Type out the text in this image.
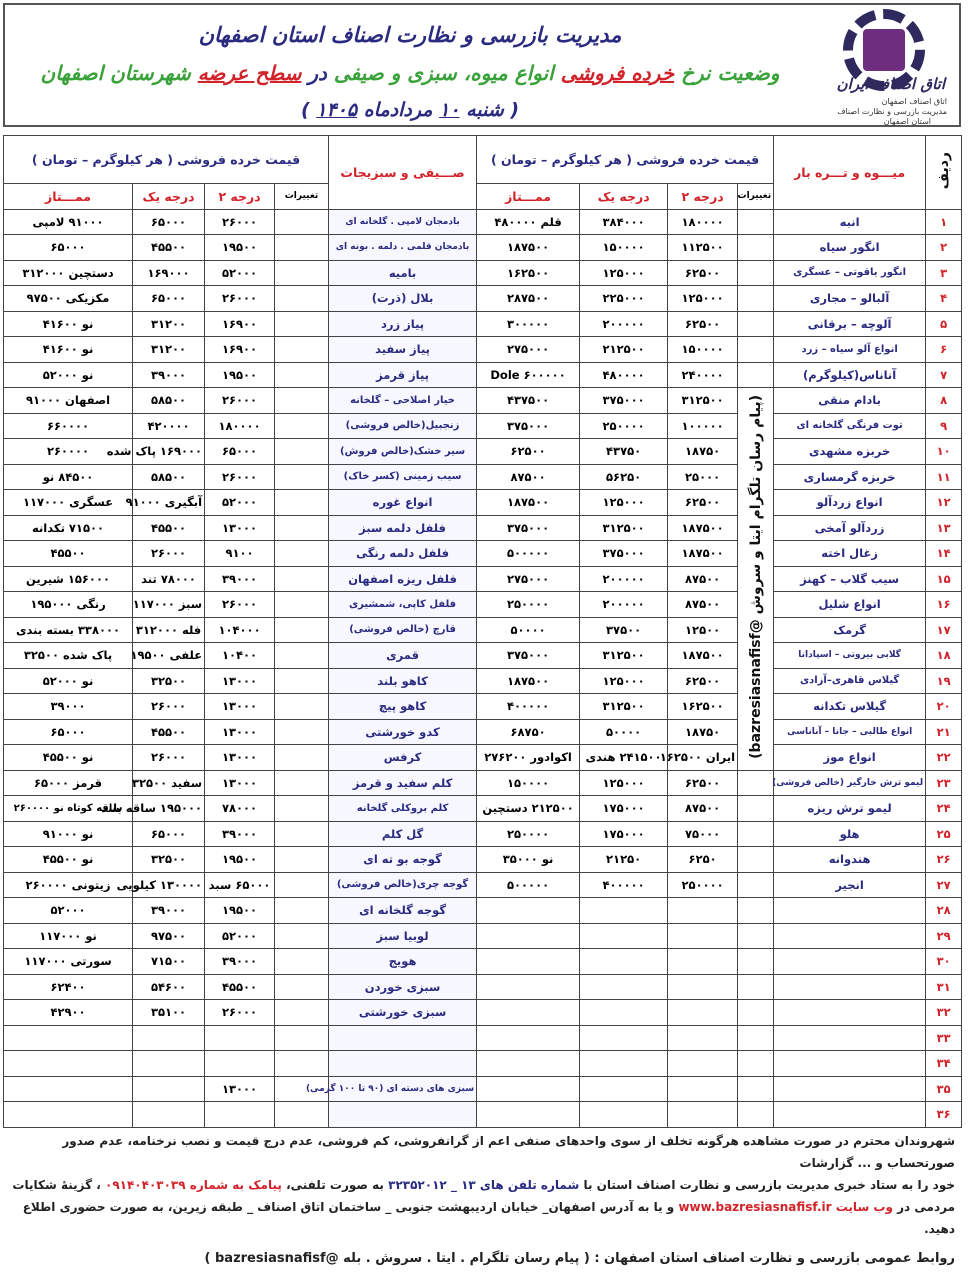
اتاق اصناف ایران
اتاق اصناف اصفهان
مدیریت بازرسی و نظارت اصناف
استان اصفهان
مدیریت بازرسی و نظارت اصناف استان اصفهان
وضعیت نرخ خرده فروشی انواع میوه، سبزی و صیفی در سطح عرضه شهرستان اصفهان
( شنبه ۱۰ مردادماه ۱۴۰۵ )
ردیف	میـــوه و تـــره بار	قیمت خرده فروشی ( هر کیلوگرم – تومان )				صـــیفی و سبزیجات	قیمت خرده فروشی ( هر کیلوگرم – تومان )			
		تغییرات	درجه ۲	درجه یک	ممـــتاز		تغییرات	درجه ۲	درجه یک	ممـــتاز
۱	انبه		۱۸۰۰۰۰	۳۸۴۰۰۰	قلم ۴۸۰۰۰۰	بادمجان لامپی . گلخانه ای		۲۶۰۰۰	۶۵۰۰۰	۹۱۰۰۰ لامپی
۲	انگور سیاه		۱۱۲۵۰۰	۱۵۰۰۰۰	۱۸۷۵۰۰	بادمجان قلمی . دلمه . بونه ای		۱۹۵۰۰	۴۵۵۰۰	۶۵۰۰۰
۳	انگور یاقوتی – عسگری		۶۲۵۰۰	۱۲۵۰۰۰	۱۶۲۵۰۰	بامیه		۵۲۰۰۰	۱۶۹۰۰۰	دستچین ۳۱۲۰۰۰
۴	آلبالو – مجاری		۱۲۵۰۰۰	۲۲۵۰۰۰	۲۸۷۵۰۰	بلال (ذرت)		۲۶۰۰۰	۶۵۰۰۰	مکزیکی ۹۷۵۰۰
۵	آلوچه – برقانی		۶۲۵۰۰	۲۰۰۰۰۰	۳۰۰۰۰۰	پیاز زرد		۱۶۹۰۰	۳۱۲۰۰	نو ۴۱۶۰۰
۶	انواع آلو سیاه – زرد		۱۵۰۰۰۰	۲۱۲۵۰۰	۲۷۵۰۰۰	پیاز سفید		۱۶۹۰۰	۳۱۲۰۰	نو ۴۱۶۰۰
۷	آناناس(کیلوگرم)		۲۴۰۰۰۰	۴۸۰۰۰۰	۶۰۰۰۰۰ Dole	پیاز قرمز		۱۹۵۰۰	۳۹۰۰۰	نو ۵۲۰۰۰
۸	بادام منقی	(پیام رسان تلگرام ایتا و سروش @bazresiasnafisf)	۳۱۲۵۰۰	۳۷۵۰۰۰	۴۳۷۵۰۰	خیار اصلاحی – گلخانه		۲۶۰۰۰	۵۸۵۰۰	اصفهان ۹۱۰۰۰
۹	توت فرنگی گلخانه ای		۱۰۰۰۰۰	۲۵۰۰۰۰	۳۷۵۰۰۰	زنجبیل(خالص فروشی)		۱۸۰۰۰۰	۴۲۰۰۰۰	۶۶۰۰۰۰
۱۰	خربزه مشهدی		۱۸۷۵۰	۴۳۷۵۰	۶۲۵۰۰	سیر خشک(خالص فروش)		۶۵۰۰۰	۱۶۹۰۰۰ پاک شده	۲۶۰۰۰۰
۱۱	خربزه گرمساری		۲۵۰۰۰	۵۶۲۵۰	۸۷۵۰۰	سیب زمینی (کسر خاک)		۲۶۰۰۰	۵۸۵۰۰	۸۴۵۰۰ نو
۱۲	انواع زردآلو		۶۲۵۰۰	۱۲۵۰۰۰	۱۸۷۵۰۰	انواع غوره		۵۲۰۰۰	آبگیری ۹۱۰۰۰	عسگری ۱۱۷۰۰۰
۱۳	زردآلو آمخی		۱۸۷۵۰۰	۳۱۲۵۰۰	۳۷۵۰۰۰	فلفل دلمه سبز		۱۳۰۰۰	۴۵۵۰۰	۷۱۵۰۰ تکدانه
۱۴	زغال اخته		۱۸۷۵۰۰	۳۷۵۰۰۰	۵۰۰۰۰۰	فلفل دلمه رنگی		۹۱۰۰	۲۶۰۰۰	۴۵۵۰۰
۱۵	سیب گلاب – کهنز		۸۷۵۰۰	۲۰۰۰۰۰	۲۷۵۰۰۰	فلفل ریزه اصفهان		۳۹۰۰۰	۷۸۰۰۰ تند	۱۵۶۰۰۰ شیرین
۱۶	انواع شلیل		۸۷۵۰۰	۲۰۰۰۰۰	۲۵۰۰۰۰	فلفل کاپی، شمشیری		۲۶۰۰۰	سبز ۱۱۷۰۰۰	رنگی ۱۹۵۰۰۰
۱۷	گرمک		۱۲۵۰۰	۳۷۵۰۰	۵۰۰۰۰	قارچ (خالص فروشی)		۱۰۴۰۰۰	فله ۳۱۲۰۰۰	۳۳۸۰۰۰ بسته بندی
۱۸	گلابی بیروتی – اسپادانا		۱۸۷۵۰۰	۳۱۲۵۰۰	۳۷۵۰۰۰	قمری		۱۰۴۰۰	علفی ۱۹۵۰۰	پاک شده ۳۲۵۰۰
۱۹	گیلاس قاهری–آزادی		۶۲۵۰۰	۱۲۵۰۰۰	۱۸۷۵۰۰	کاهو بلند		۱۳۰۰۰	۳۲۵۰۰	نو ۵۲۰۰۰
۲۰	گیلاس تکدانه		۱۶۲۵۰۰	۳۱۲۵۰۰	۴۰۰۰۰۰	کاهو پیچ		۱۳۰۰۰	۲۶۰۰۰	۳۹۰۰۰
۲۱	انواع طالبی – جانا – آناناسی		۱۸۷۵۰	۵۰۰۰۰	۶۸۷۵۰	کدو خورشتی		۱۳۰۰۰	۴۵۵۰۰	۶۵۰۰۰
۲۲	انواع موز		ایران ۱۶۲۵۰۰	۲۴۱۵۰۰ هندی	اکوادور ۲۷۶۲۰۰	کرفس		۱۳۰۰۰	۲۶۰۰۰	نو ۴۵۵۰۰
۲۳	لیمو ترش خارگیر (خالص فروشی)		۶۲۵۰۰	۱۲۵۰۰۰	۱۵۰۰۰۰	کلم سفید و قرمز		۱۳۰۰۰	سفید ۳۲۵۰۰	قرمز ۶۵۰۰۰
۲۴	لیمو ترش ریزه		۸۷۵۰۰	۱۷۵۰۰۰	۲۱۲۵۰۰ دستچین	کلم بروکلی گلخانه		۷۸۰۰۰	۱۹۵۰۰۰ ساقه بلند	ساقه کوتاه نو ۲۶۰۰۰۰
۲۵	هلو		۷۵۰۰۰	۱۷۵۰۰۰	۲۵۰۰۰۰	گل کلم		۳۹۰۰۰	۶۵۰۰۰	نو ۹۱۰۰۰
۲۶	هندوانه		۶۲۵۰	۲۱۲۵۰	نو ۳۵۰۰۰	گوجه بو ته ای		۱۹۵۰۰	۳۲۵۰۰	نو ۴۵۵۰۰
۲۷	انجیر		۲۵۰۰۰۰	۴۰۰۰۰۰	۵۰۰۰۰۰	گوجه چری(خالص فروشی)		۶۵۰۰۰ سبد	۱۳۰۰۰۰ کیلویی	زیتونی ۲۶۰۰۰۰
۲۸						گوجه گلخانه ای		۱۹۵۰۰	۳۹۰۰۰	۵۲۰۰۰
۲۹						لوبیا سبز		۵۲۰۰۰	۹۷۵۰۰	نو ۱۱۷۰۰۰
۳۰						هویج		۳۹۰۰۰	۷۱۵۰۰	سورتی ۱۱۷۰۰۰
۳۱						سبزی خوردن		۴۵۵۰۰	۵۴۶۰۰	۶۲۴۰۰
۳۲						سبزی خورشتی		۲۶۰۰۰	۳۵۱۰۰	۴۲۹۰۰
۳۳										
۳۴										
۳۵						سبزی های دسته ای (۹۰ تا ۱۰۰ گرمی)		۱۳۰۰۰		
۳۶										
شهروندان محترم در صورت مشاهده هرگونه تخلف از سوی واحدهای صنفی اعم از گرانفروشی، کم فروشی، عدم درج قیمت و نصب نرخنامه، عدم صدور صورتحساب و ... گزارشات
خود را به ستاد خبری مدیریت بازرسی و نظارت اصناف استان با شماره تلفن های ۱۳ _ ۳۲۳۵۲۰۱۲ به صورت تلفنی، پیامک به شماره ۰۹۱۴۰۴۰۳۰۳۹ ، گزینهٔ شکایات
مردمی در وب سایت www.bazresiasnafisf.ir و یا به آدرس اصفهان_ خیابان اردیبهشت جنوبی _ ساختمان اتاق اصناف _ طبقه زیرین، به صورت حضوری اطلاع دهید.
روابط عمومی بازرسی و نظارت اصناف استان اصفهان : ( پیام رسان تلگرام . ایتا . سروش . بله @bazresiasnafisf )
